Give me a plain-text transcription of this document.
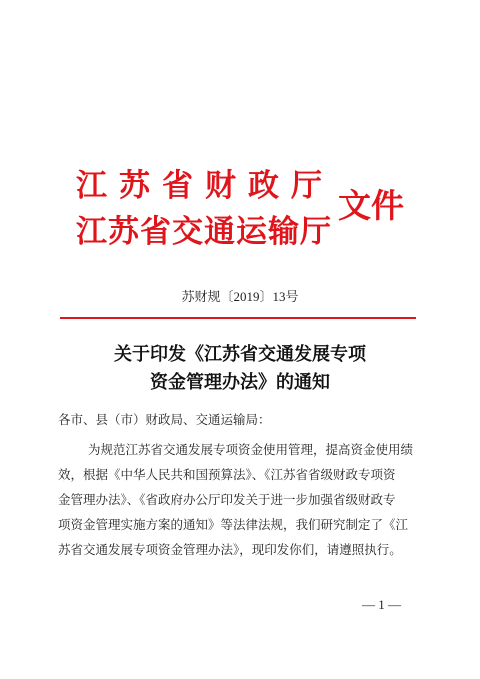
江苏省财政厅
江苏省交通运输厅
文件
苏财规〔2019〕13号
关于印发《江苏省交通发展专项
资金管理办法》的通知
各市、县（市）财政局、交通运输局：
为规范江苏省交通发展专项资金使用管理，提高资金使用绩
效，根据《中华人民共和国预算法》、《江苏省省级财政专项资
金管理办法》、《省政府办公厅印发关于进一步加强省级财政专
项资金管理实施方案的通知》等法律法规，我们研究制定了《江
苏省交通发展专项资金管理办法》，现印发你们，请遵照执行。
— 1 —
